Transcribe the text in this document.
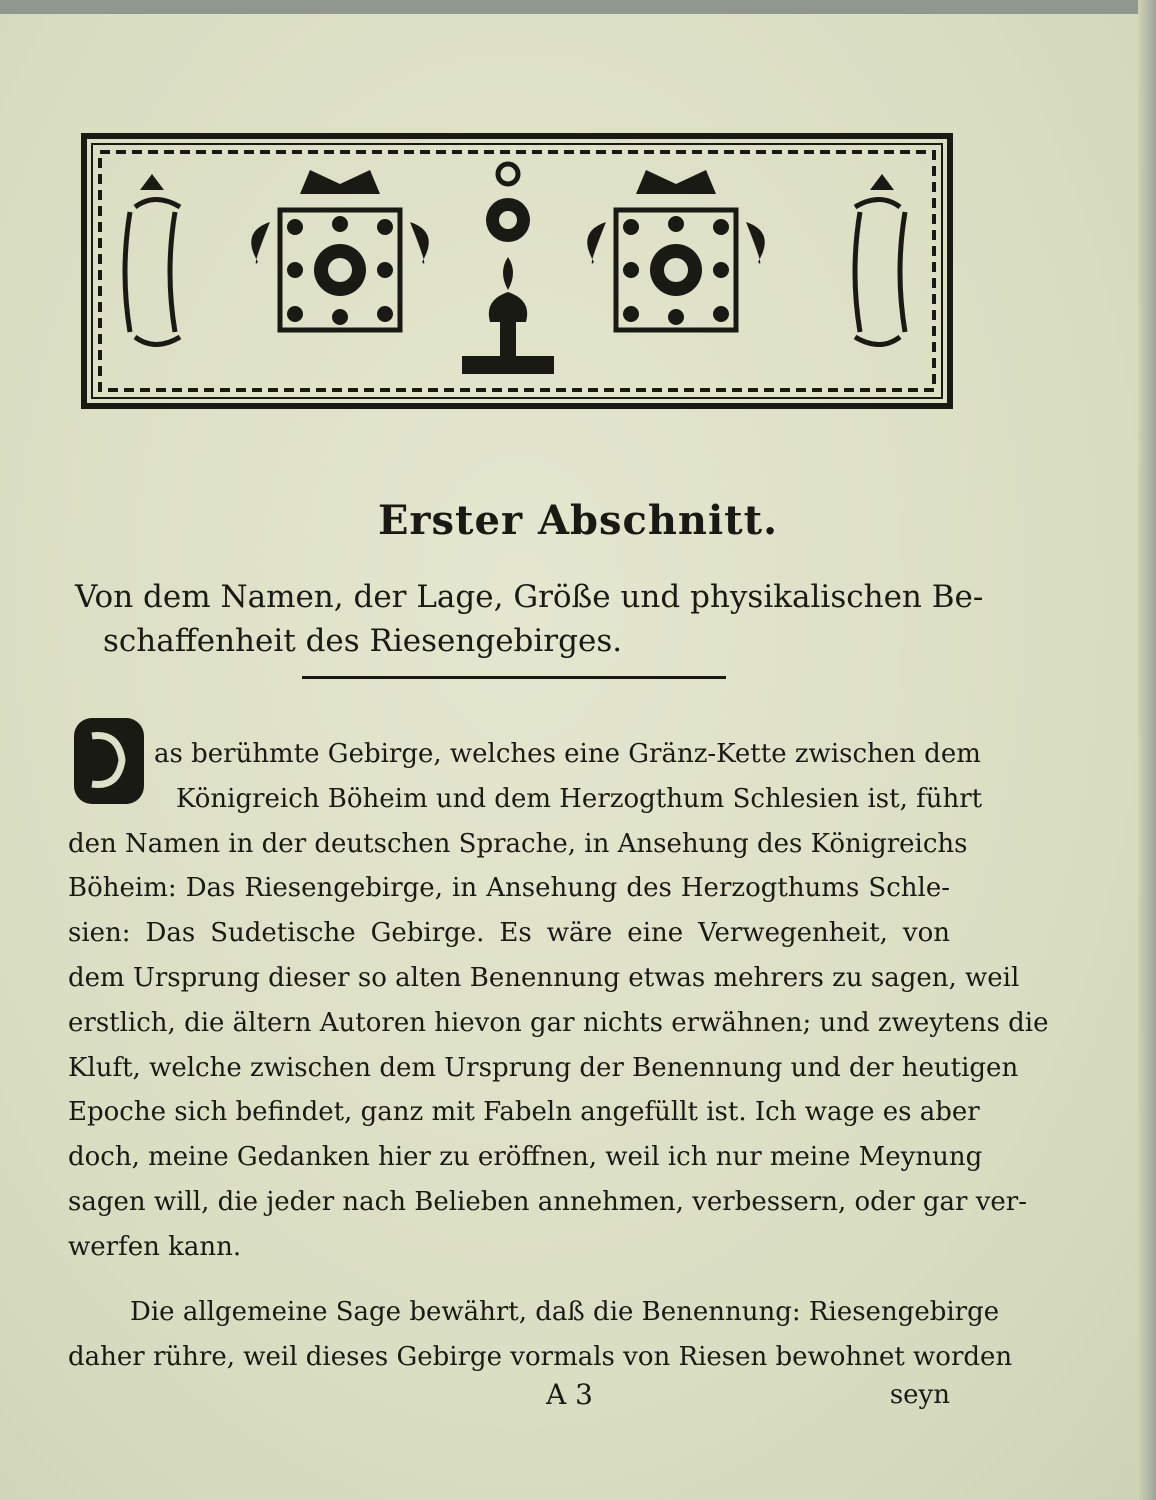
Erster Abschnitt.
Von dem Namen, der Lage, Größe und physikalischen Be-
schaffenheit des Riesengebirges.
D
as berühmte Gebirge, welches eine Gränz-Kette zwischen dem
Königreich Böheim und dem Herzogthum Schlesien ist, führt
den Namen in der deutschen Sprache, in Ansehung des Königreichs
Böheim: Das Riesengebirge, in Ansehung des Herzogthums Schle-
sien: Das Sudetische Gebirge. Es wäre eine Verwegenheit, von
dem Ursprung dieser so alten Benennung etwas mehrers zu sagen, weil
erstlich, die ältern Autoren hievon gar nichts erwähnen; und zweytens die
Kluft, welche zwischen dem Ursprung der Benennung und der heutigen
Epoche sich befindet, ganz mit Fabeln angefüllt ist. Ich wage es aber
doch, meine Gedanken hier zu eröffnen, weil ich nur meine Meynung
sagen will, die jeder nach Belieben annehmen, verbessern, oder gar ver-
werfen kann.
Die allgemeine Sage bewährt, daß die Benennung: Riesengebirge
daher rühre, weil dieses Gebirge vormals von Riesen bewohnet worden
A 3	seyn
